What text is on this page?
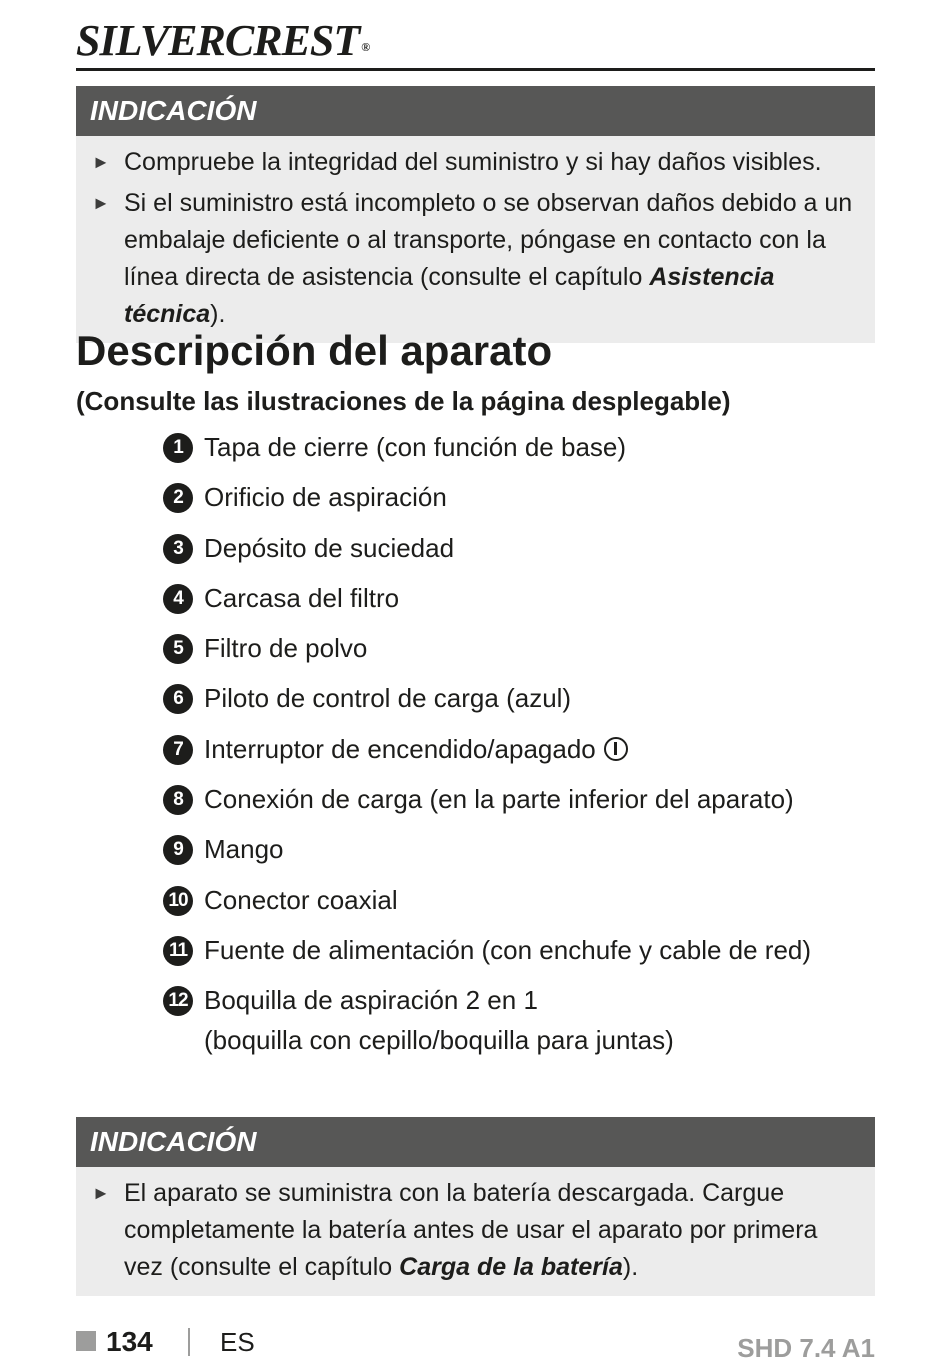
SILVERCREST ®
INDICACIÓN
► Compruebe la integridad del suministro y si hay daños visibles.
► Si el suministro está incompleto o se observan daños debido a un embalaje deficiente o al transporte, póngase en contacto con la línea directa de asistencia (consulte el capítulo Asistencia técnica).
Descripción del aparato
(Consulte las ilustraciones de la página desplegable)
1 Tapa de cierre (con función de base)
2 Orificio de aspiración
3 Depósito de suciedad
4 Carcasa del filtro
5 Filtro de polvo
6 Piloto de control de carga (azul)
7 Interruptor de encendido/apagado
8 Conexión de carga (en la parte inferior del aparato)
9 Mango
10 Conector coaxial
11 Fuente de alimentación (con enchufe y cable de red)
12 Boquilla de aspiración 2 en 1
(boquilla con cepillo/boquilla para juntas)
INDICACIÓN
► El aparato se suministra con la batería descargada. Cargue completamente la batería antes de usar el aparato por primera vez (consulte el capítulo Carga de la batería).
134	ES	SHD 7.4 A1
